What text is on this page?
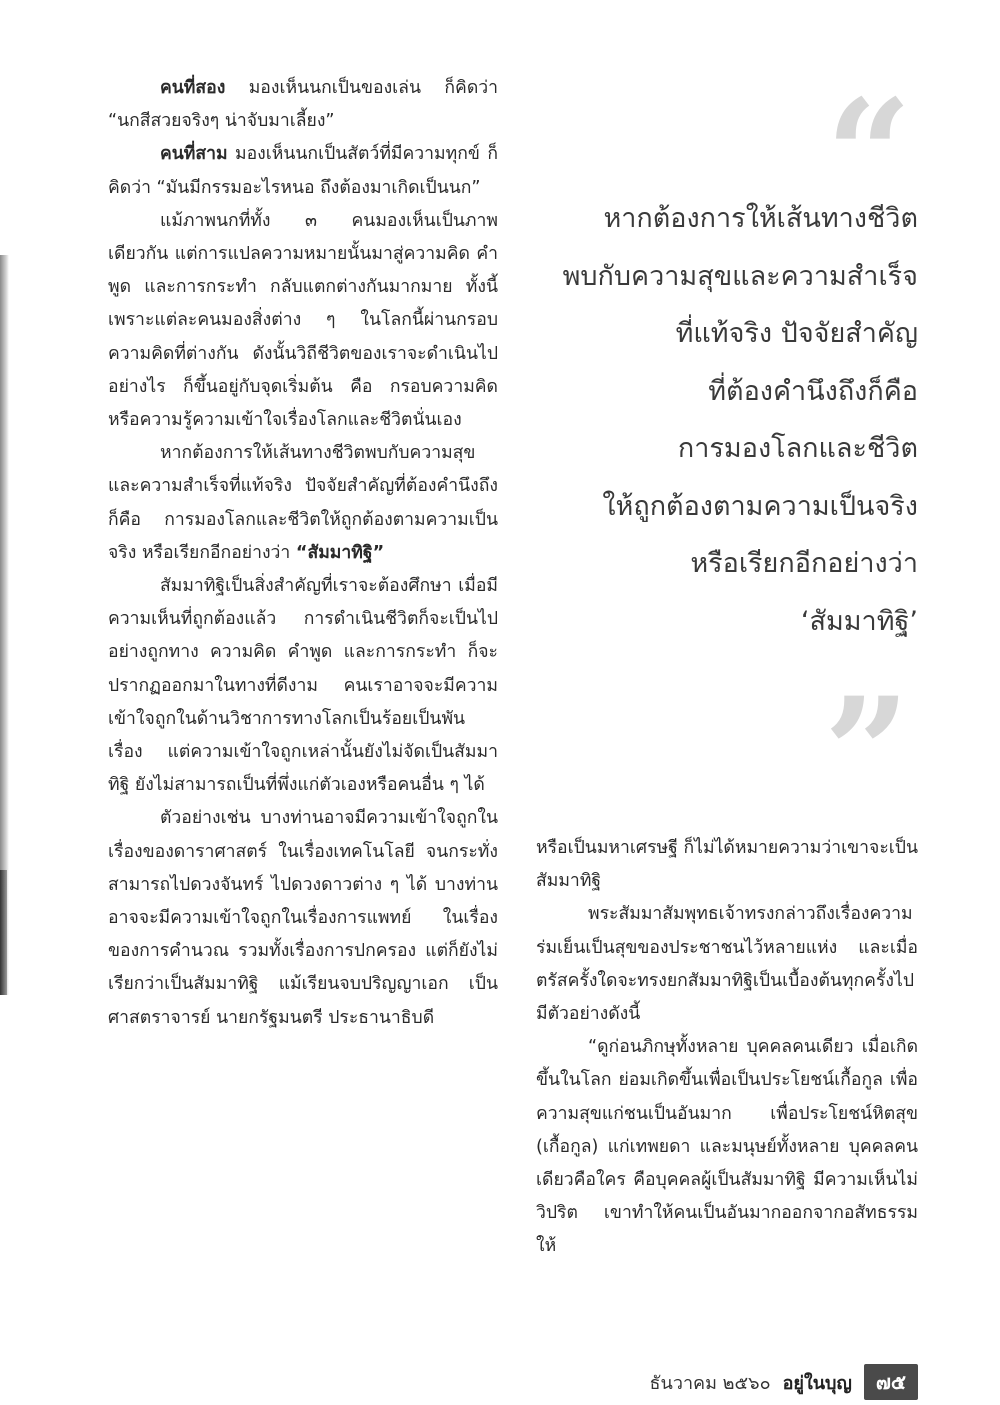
คนที่สอง มองเห็นนกเป็นของเล่น ก็คิดว่า “นกสีสวยจริงๆ น่าจับมาเลี้ยง”

คนที่สาม มองเห็นนกเป็นสัตว์ที่มีความทุกข์ ก็คิดว่า “มันมีกรรมอะไรหนอ ถึงต้องมาเกิดเป็นนก”

แม้ภาพนกที่ทั้ง ๓ คนมองเห็นเป็นภาพเดียวกัน แต่การแปลความหมายนั้นมาสู่ความคิด คำพูด และการกระทำ กลับแตกต่างกันมากมาย ทั้งนี้เพราะแต่ละคนมองสิ่งต่าง ๆ ในโลกนี้ผ่านกรอบความคิดที่ต่างกัน ดังนั้นวิถีชีวิตของเราจะดำเนินไปอย่างไร ก็ขึ้นอยู่กับจุดเริ่มต้น คือ กรอบความคิด หรือความรู้ความเข้าใจเรื่องโลกและชีวิตนั่นเอง

หากต้องการให้เส้นทางชีวิตพบกับความสุขและความสำเร็จที่แท้จริง ปัจจัยสำคัญที่ต้องคำนึงถึงก็คือ การมองโลกและชีวิตให้ถูกต้องตามความเป็นจริง หรือเรียกอีกอย่างว่า “สัมมาทิฐิ”

สัมมาทิฐิเป็นสิ่งสำคัญที่เราจะต้องศึกษา เมื่อมีความเห็นที่ถูกต้องแล้ว การดำเนินชีวิตก็จะเป็นไปอย่างถูกทาง ความคิด คำพูด และการกระทำ ก็จะปรากฏออกมาในทางที่ดีงาม คนเราอาจจะมีความเข้าใจถูกในด้านวิชาการทางโลกเป็นร้อยเป็นพันเรื่อง แต่ความเข้าใจถูกเหล่านั้นยังไม่จัดเป็นสัมมาทิฐิ ยังไม่สามารถเป็นที่พึ่งแก่ตัวเองหรือคนอื่น ๆ ได้

ตัวอย่างเช่น บางท่านอาจมีความเข้าใจถูกในเรื่องของดาราศาสตร์ ในเรื่องเทคโนโลยี จนกระทั่งสามารถไปดวงจันทร์ ไปดวงดาวต่าง ๆ ได้ บางท่านอาจจะมีความเข้าใจถูกในเรื่องการแพทย์ ในเรื่องของการคำนวณ รวมทั้งเรื่องการปกครอง แต่ก็ยังไม่เรียกว่าเป็นสัมมาทิฐิ แม้เรียนจบปริญญาเอก เป็นศาสตราจารย์ นายกรัฐมนตรี ประธานาธิบดี

“
หากต้องการให้เส้นทางชีวิต
พบกับความสุขและความสำเร็จ
ที่แท้จริง ปัจจัยสำคัญ
ที่ต้องคำนึงถึงก็คือ
การมองโลกและชีวิต
ให้ถูกต้องตามความเป็นจริง
หรือเรียกอีกอย่างว่า
‘สัมมาทิฐิ’
”

หรือเป็นมหาเศรษฐี ก็ไม่ได้หมายความว่าเขาจะเป็นสัมมาทิฐิ

พระสัมมาสัมพุทธเจ้าทรงกล่าวถึงเรื่องความร่มเย็นเป็นสุขของประชาชนไว้หลายแห่ง และเมื่อตรัสครั้งใดจะทรงยกสัมมาทิฐิเป็นเบื้องต้นทุกครั้งไป มีตัวอย่างดังนี้

“ดูก่อนภิกษุทั้งหลาย บุคคลคนเดียว เมื่อเกิดขึ้นในโลก ย่อมเกิดขึ้นเพื่อเป็นประโยชน์เกื้อกูล เพื่อความสุขแก่ชนเป็นอันมาก เพื่อประโยชน์หิตสุข (เกื้อกูล) แก่เทพยดา และมนุษย์ทั้งหลาย บุคคลคนเดียวคือใคร คือบุคคลผู้เป็นสัมมาทิฐิ มีความเห็นไม่วิปริต เขาทำให้คนเป็นอันมากออกจากอสัทธรรม ให้

ธันวาคม ๒๕๖๐ อยู่ในบุญ	๗๕
